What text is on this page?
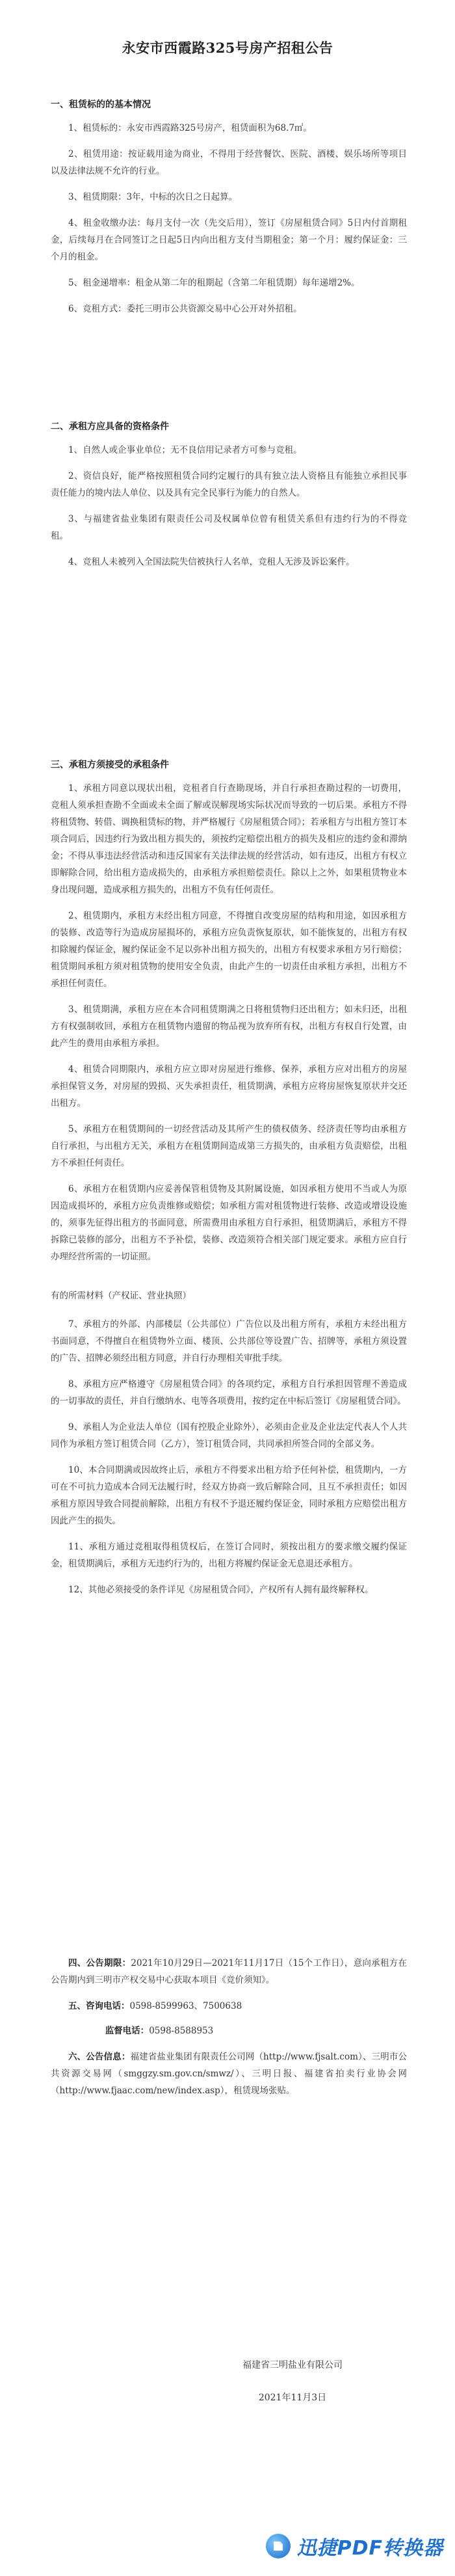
永安市西霞路325号房产招租公告
一、租赁标的的基本情况

1、租赁标的：永安市西霞路325号房产，租赁面积为68.7㎡。

2、租赁用途：按证载用途为商业，不得用于经营餐饮、医院、酒楼、娱乐场所等项目以及法律法规不允许的行业。

3、租赁期限：3年，中标的次日之日起算。

4、租金收缴办法：每月支付一次（先交后用），签订《房屋租赁合同》5日内付首期租金，后续每月在合同签订之日起5日内向出租方支付当期租金；第一个月：履约保证金：三个月的租金。

5、租金递增率：租金从第二年的租期起（含第二年租赁期）每年递增2%。

6、竞租方式：委托三明市公共资源交易中心公开对外招租。

二、承租方应具备的资格条件

1、自然人或企事业单位；无不良信用记录者方可参与竞租。

2、资信良好，能严格按照租赁合同约定履行的具有独立法人资格且有能独立承担民事责任能力的境内法人单位、以及具有完全民事行为能力的自然人。

3、与福建省盐业集团有限责任公司及权属单位曾有租赁关系但有违约行为的不得竞租。

4、竞租人未被列入全国法院失信被执行人名单，竞租人无涉及诉讼案件。

三、承租方须接受的承租条件

1、承租方同意以现状出租，竞租者自行查勘现场，并自行承担查勘过程的一切费用，竞租人须承担查勘不全面或未全面了解或误解现场实际状况而导致的一切后果。承租方不得将租赁物、转借、调换租赁标的物，并严格履行《房屋租赁合同》；若承租方与出租方签订本项合同后，因违约行为致出租方损失的，须按约定赔偿出租方的损失及相应的违约金和滞纳金；不得从事违法经营活动和违反国家有关法律法规的经营活动，如有违反，出租方有权立即解除合同，给出租方造成损失的，由承租方承担赔偿责任。除以上之外，如果租赁物业本身出现问题，造成承租方损失的，出租方不负有任何责任。

2、租赁期内，承租方未经出租方同意，不得擅自改变房屋的结构和用途，如因承租方的装修、改造等行为造成房屋损坏的，承租方应负责恢复原状，如不能恢复的，出租方有权扣除履约保证金，履约保证金不足以弥补出租方损失的，出租方有权要求承租方另行赔偿；租赁期间承租方须对租赁物的使用安全负责，由此产生的一切责任由承租方承担，出租方不承担任何责任。

3、租赁期满，承租方应在本合同租赁期满之日将租赁物归还出租方；如未归还，出租方有权强制收回，承租方在租赁物内遗留的物品视为放弃所有权，出租方有权自行处置，由此产生的费用由承租方承担。

4、租赁合同期限内，承租方应立即对房屋进行维修、保养，承租方应对出租方的房屋承担保管义务，对房屋的毁损、灭失承担责任，租赁期满，承租方应将房屋恢复原状并交还出租方。

5、承租方在租赁期间的一切经营活动及其所产生的债权债务、经济责任等均由承租方自行承担，与出租方无关，承租方在租赁期间造成第三方损失的，由承租方负责赔偿，出租方不承担任何责任。

6、承租方在租赁期内应妥善保管租赁物及其附属设施，如因承租方使用不当或人为原因造成损坏的，承租方应负责维修或赔偿；如承租方需对租赁物进行装修、改造或增设设施的，须事先征得出租方的书面同意，所需费用由承租方自行承担，租赁期满后，承租方不得拆除已装修的部分，出租方不予补偿，装修、改造须符合相关部门规定要求。承租方应自行办理经营所需的一切证照。

有的所需材料（产权证、营业执照）

7、承租方的外部、内部楼层（公共部位）广告位以及出租方所有，承租方未经出租方书面同意，不得擅自在租赁物外立面、楼顶、公共部位等设置广告、招牌等，承租方须设置的广告、招牌必须经出租方同意，并自行办理相关审批手续。

8、承租方应严格遵守《房屋租赁合同》的各项约定，承租方自行承担因管理不善造成的一切事故的责任，并自行缴纳水、电等各项费用，按约定在中标后签订《房屋租赁合同》。

9、承租人为企业法人单位（国有控股企业除外），必须由企业及企业法定代表人个人共同作为承租方签订租赁合同（乙方），签订租赁合同，共同承担所签合同的全部义务。

10、本合同期满或因故终止后，承租方不得要求出租方给予任何补偿，租赁期内，一方可在不可抗力造成本合同无法履行时，经双方协商一致后解除合同，且互不承担责任；如因承租方原因导致合同提前解除，出租方有权不予退还履约保证金，同时承租方应赔偿出租方因此产生的损失。

11、承租方通过竞租取得租赁权后，在签订合同时，须按出租方的要求缴交履约保证金，租赁期满后，承租方无违约行为的，出租方将履约保证金无息退还承租方。

12、其他必须接受的条件详见《房屋租赁合同》，产权所有人拥有最终解释权。

四、公告期限：2021年10月29日—2021年11月17日（15个工作日），意向承租方在公告期内到三明市产权交易中心获取本项目《竞价须知》。

五、咨询电话：0598-8599963、7500638

监督电话：0598-8588953

六、公告信息：福建省盐业集团有限责任公司网（http://www.fjsalt.com）、三明市公共资源交易网（smggzy.sm.gov.cn/smwz/）、三明日报、福建省拍卖行业协会网（http://www.fjaac.com/new/index.asp），租赁现场张贴。

福建省三明盐业有限公司
2021年11月3日
迅捷PDF转换器
